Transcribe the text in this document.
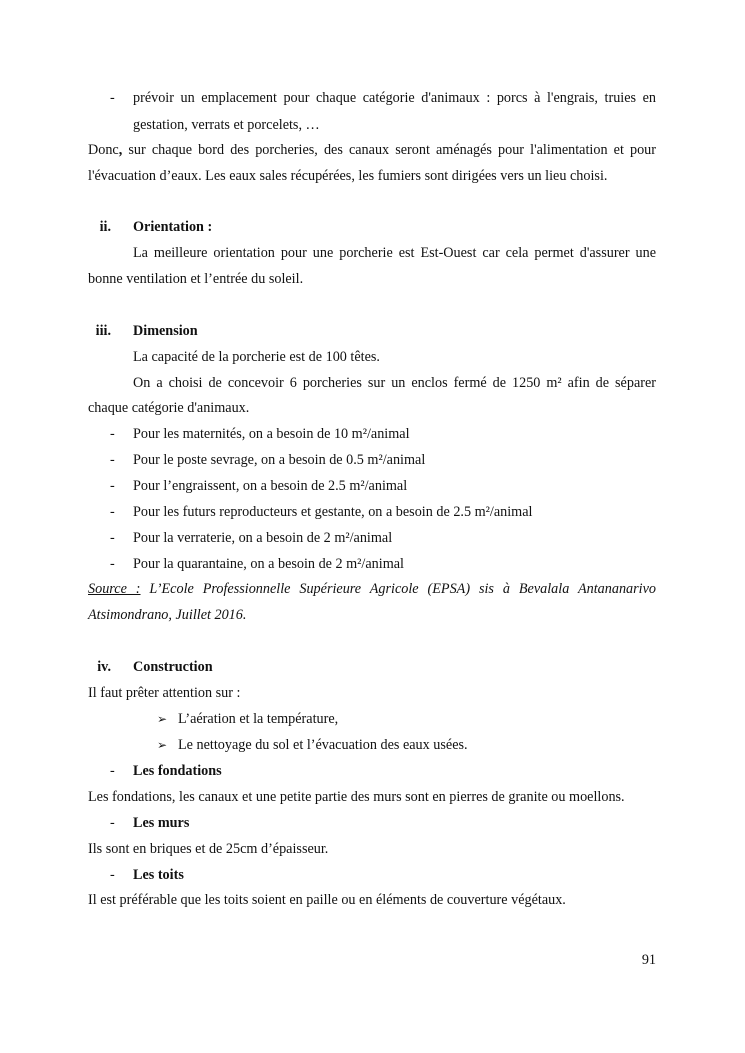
- prévoir un emplacement pour chaque catégorie d'animaux : porcs à l'engrais, truies en
gestation, verrats et porcelets, …
Donc, sur chaque bord des porcheries, des canaux seront aménagés pour l'alimentation et pour
l'évacuation d’eaux. Les eaux sales récupérées, les fumiers sont dirigées vers un lieu choisi.
ii. Orientation :
La meilleure orientation pour une porcherie est Est-Ouest car cela permet d'assurer une
bonne ventilation et l’entrée du soleil.
iii. Dimension
La capacité de la porcherie est de 100 têtes.
On a choisi de concevoir 6 porcheries sur un enclos fermé de 1250 m² afin de séparer
chaque catégorie d'animaux.
- Pour les maternités, on a besoin de 10 m²/animal
- Pour le poste sevrage, on a besoin de 0.5 m²/animal
- Pour l’engraissent, on a besoin de 2.5 m²/animal
- Pour les futurs reproducteurs et gestante, on a besoin de 2.5 m²/animal
- Pour la verraterie, on a besoin de 2 m²/animal
- Pour la quarantaine, on a besoin de 2 m²/animal
Source : L’Ecole Professionnelle Supérieure Agricole (EPSA) sis à Bevalala Antananarivo
Atsimondrano, Juillet 2016.
iv. Construction
Il faut prêter attention sur :
➢ L’aération et la température,
➢ Le nettoyage du sol et l’évacuation des eaux usées.
- Les fondations
Les fondations, les canaux et une petite partie des murs sont en pierres de granite ou moellons.
- Les murs
Ils sont en briques et de 25cm d’épaisseur.
- Les toits
Il est préférable que les toits soient en paille ou en éléments de couverture végétaux.
91
